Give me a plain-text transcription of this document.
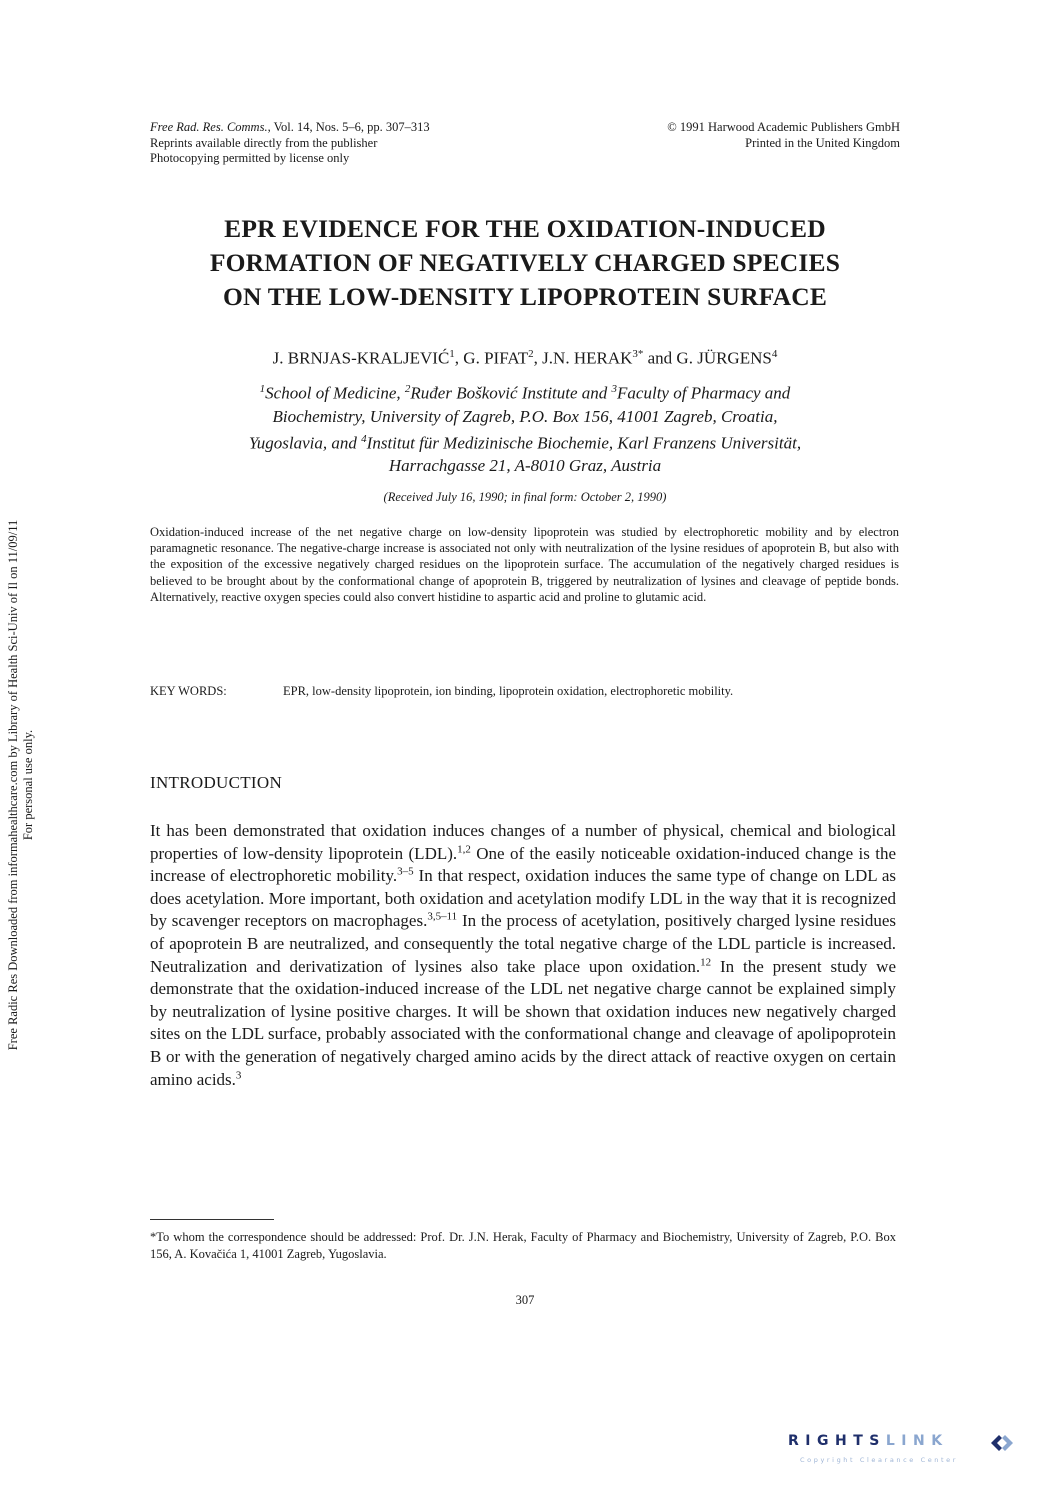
Free Rad. Res. Comms., Vol. 14, Nos. 5–6, pp. 307–313
Reprints available directly from the publisher
Photocopying permitted by license only
© 1991 Harwood Academic Publishers GmbH
Printed in the United Kingdom
EPR EVIDENCE FOR THE OXIDATION-INDUCED
FORMATION OF NEGATIVELY CHARGED SPECIES
ON THE LOW-DENSITY LIPOPROTEIN SURFACE
J. BRNJAS-KRALJEVIĆ$^1$, G. PIFAT$^2$, J.N. $HERAK^{3*}$ and G. JÜRGENS$^4$
$^1$School of Medicine, $^2$Ruđer Bošković Institute and $^3$Faculty of Pharmacy and
Biochemistry, University of Zagreb, P.O. Box 156, 41001 Zagreb, Croatia,
Yugoslavia, and $^4$Institut für Medizinische Biochemie, Karl Franzens Universität,
Harrachgasse 21, A-8010 Graz, Austria
(Received July 16, 1990; in final form: October 2, 1990)
Oxidation-induced increase of the net negative charge on low-density lipoprotein was studied by electrophoretic mobility and by electron paramagnetic resonance. The negative-charge increase is associated not only with neutralization of the lysine residues of apoprotein B, but also with the exposition of the excessive negatively charged residues on the lipoprotein surface. The accumulation of the negatively charged residues is believed to be brought about by the conformational change of apoprotein B, triggered by neutralization of lysines and cleavage of peptide bonds. Alternatively, reactive oxygen species could also convert histidine to aspartic acid and proline to glutamic acid.
KEY WORDS:	EPR, low-density lipoprotein, ion binding, lipoprotein oxidation, electrophoretic mobility.
INTRODUCTION
It has been demonstrated that oxidation induces changes of a number of physical, chemical and biological properties of low-density lipoprotein (LDL).$^{1,2}$ One of the easily noticeable oxidation-induced change is the increase of electrophoretic mobility.$^{3-5}$ In that respect, oxidation induces the same type of change on LDL as does acetylation. More important, both oxidation and acetylation modify LDL in the way that it is recognized by scavenger receptors on macrophages.$^{3,5-11}$ In the process of acetylation, positively charged lysine residues of apoprotein B are neutralized, and consequently the total negative charge of the LDL particle is increased. Neutralization and derivatization of lysines also take place upon oxidation.$^{12}$ In the present study we demonstrate that the oxidation-induced increase of the LDL net negative charge cannot be explained simply by neutralization of lysine positive charges. It will be shown that oxidation induces new negatively charged sites on the LDL surface, probably associated with the conformational change and cleavage of apolipoprotein B or with the generation of negatively charged amino acids by the direct attack of reactive oxygen on certain amino acids.$^3$
*To whom the correspondence should be addressed: Prof. Dr. J.N. Herak, Faculty of Pharmacy and Biochemistry, University of Zagreb, P.O. Box 156, A. Kovačića 1, 41001 Zagreb, Yugoslavia.
307
Free Radic Res Downloaded from informahealthcare.com by Library of Health Sci-Univ of Il on 11/09/11 For personal use only.
RIGHTSLINK
Copyright Clearance Center
